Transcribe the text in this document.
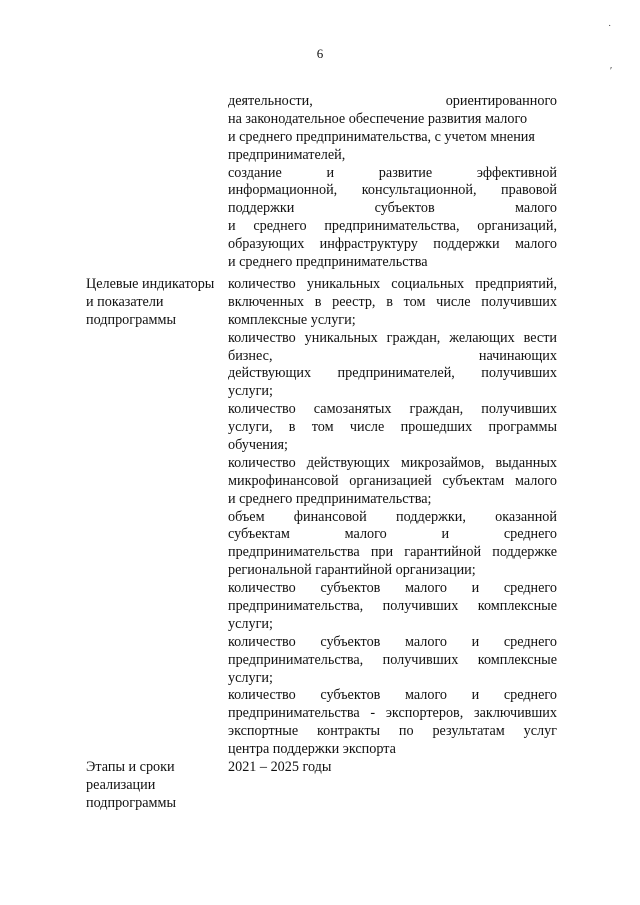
6
˙
′
деятельности, ориентированного
на законодательное обеспечение развития малого
и среднего предпринимательства, с учетом мнения
предпринимателей,
создание и развитие эффективной
информационной, консультационной, правовой
поддержки субъектов малого
и среднего предпринимательства, организаций,
образующих инфраструктуру поддержки малого
и среднего предпринимательства
Целевые индикаторы
и показатели
подпрограммы
количество уникальных социальных предприятий,
включенных в реестр, в том числе получивших
комплексные услуги;
количество уникальных граждан, желающих вести
бизнес, начинающих
действующих предпринимателей, получивших
услуги;
количество самозанятых граждан, получивших
услуги, в том числе прошедших программы
обучения;
количество действующих микрозаймов, выданных
микрофинансовой организацией субъектам малого
и среднего предпринимательства;
объем финансовой поддержки, оказанной
субъектам малого и среднего
предпринимательства при гарантийной поддержке
региональной гарантийной организации;
количество субъектов малого и среднего
предпринимательства, получивших комплексные
услуги;
количество субъектов малого и среднего
предпринимательства, получивших комплексные
услуги;
количество субъектов малого и среднего
предпринимательства - экспортеров, заключивших
экспортные контракты по результатам услуг
центра поддержки экспорта
Этапы и сроки
реализации
подпрограммы
2021 – 2025 годы
